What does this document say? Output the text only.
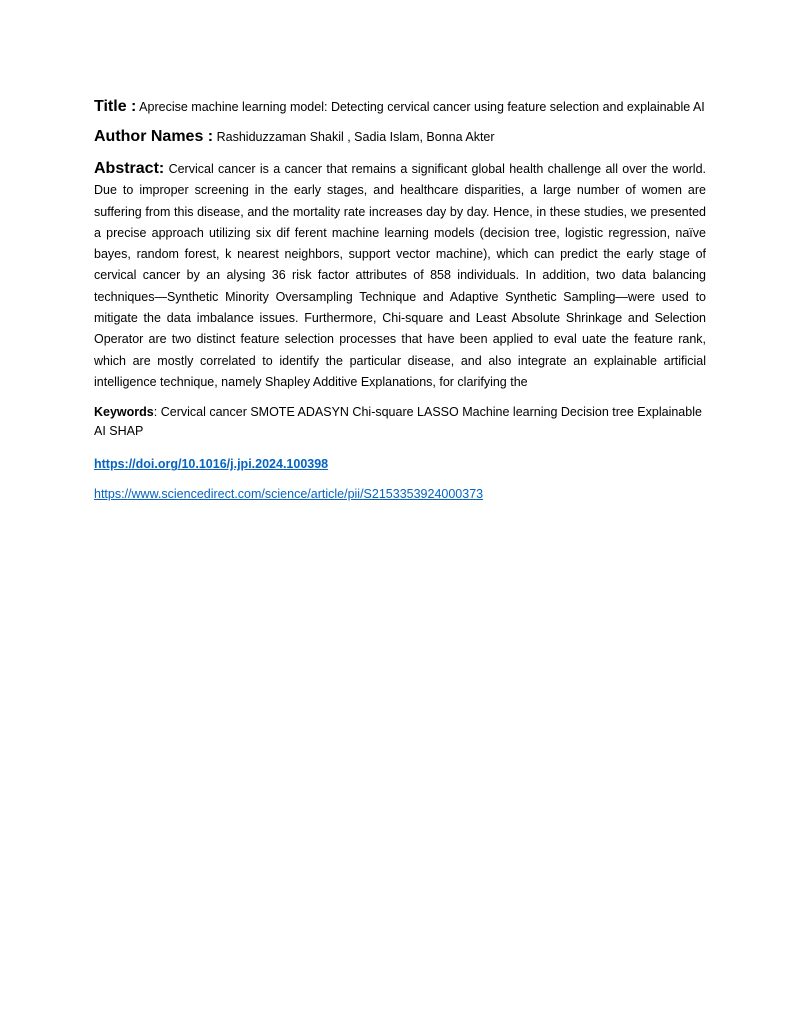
Title : Aprecise machine learning model: Detecting cervical cancer using feature selection and explainable AI

Author Names : Rashiduzzaman Shakil , Sadia Islam, Bonna Akter

Abstract: Cervical cancer is a cancer that remains a significant global health challenge all over the world. Due to improper screening in the early stages, and healthcare disparities, a large number of women are suffering from this disease, and the mortality rate increases day by day. Hence, in these studies, we presented a precise approach utilizing six dif ferent machine learning models (decision tree, logistic regression, naïve bayes, random forest, k nearest neighbors, support vector machine), which can predict the early stage of cervical cancer by an alysing 36 risk factor attributes of 858 individuals. In addition, two data balancing techniques—Synthetic Minority Oversampling Technique and Adaptive Synthetic Sampling—were used to mitigate the data imbalance issues. Furthermore, Chi-square and Least Absolute Shrinkage and Selection Operator are two distinct feature selection processes that have been applied to eval uate the feature rank, which are mostly correlated to identify the particular disease, and also integrate an explainable artificial intelligence technique, namely Shapley Additive Explanations, for clarifying the

Keywords: Cervical cancer SMOTE ADASYN Chi-square LASSO Machine learning Decision tree Explainable AI SHAP

https://doi.org/10.1016/j.jpi.2024.100398
https://www.sciencedirect.com/science/article/pii/S2153353924000373
